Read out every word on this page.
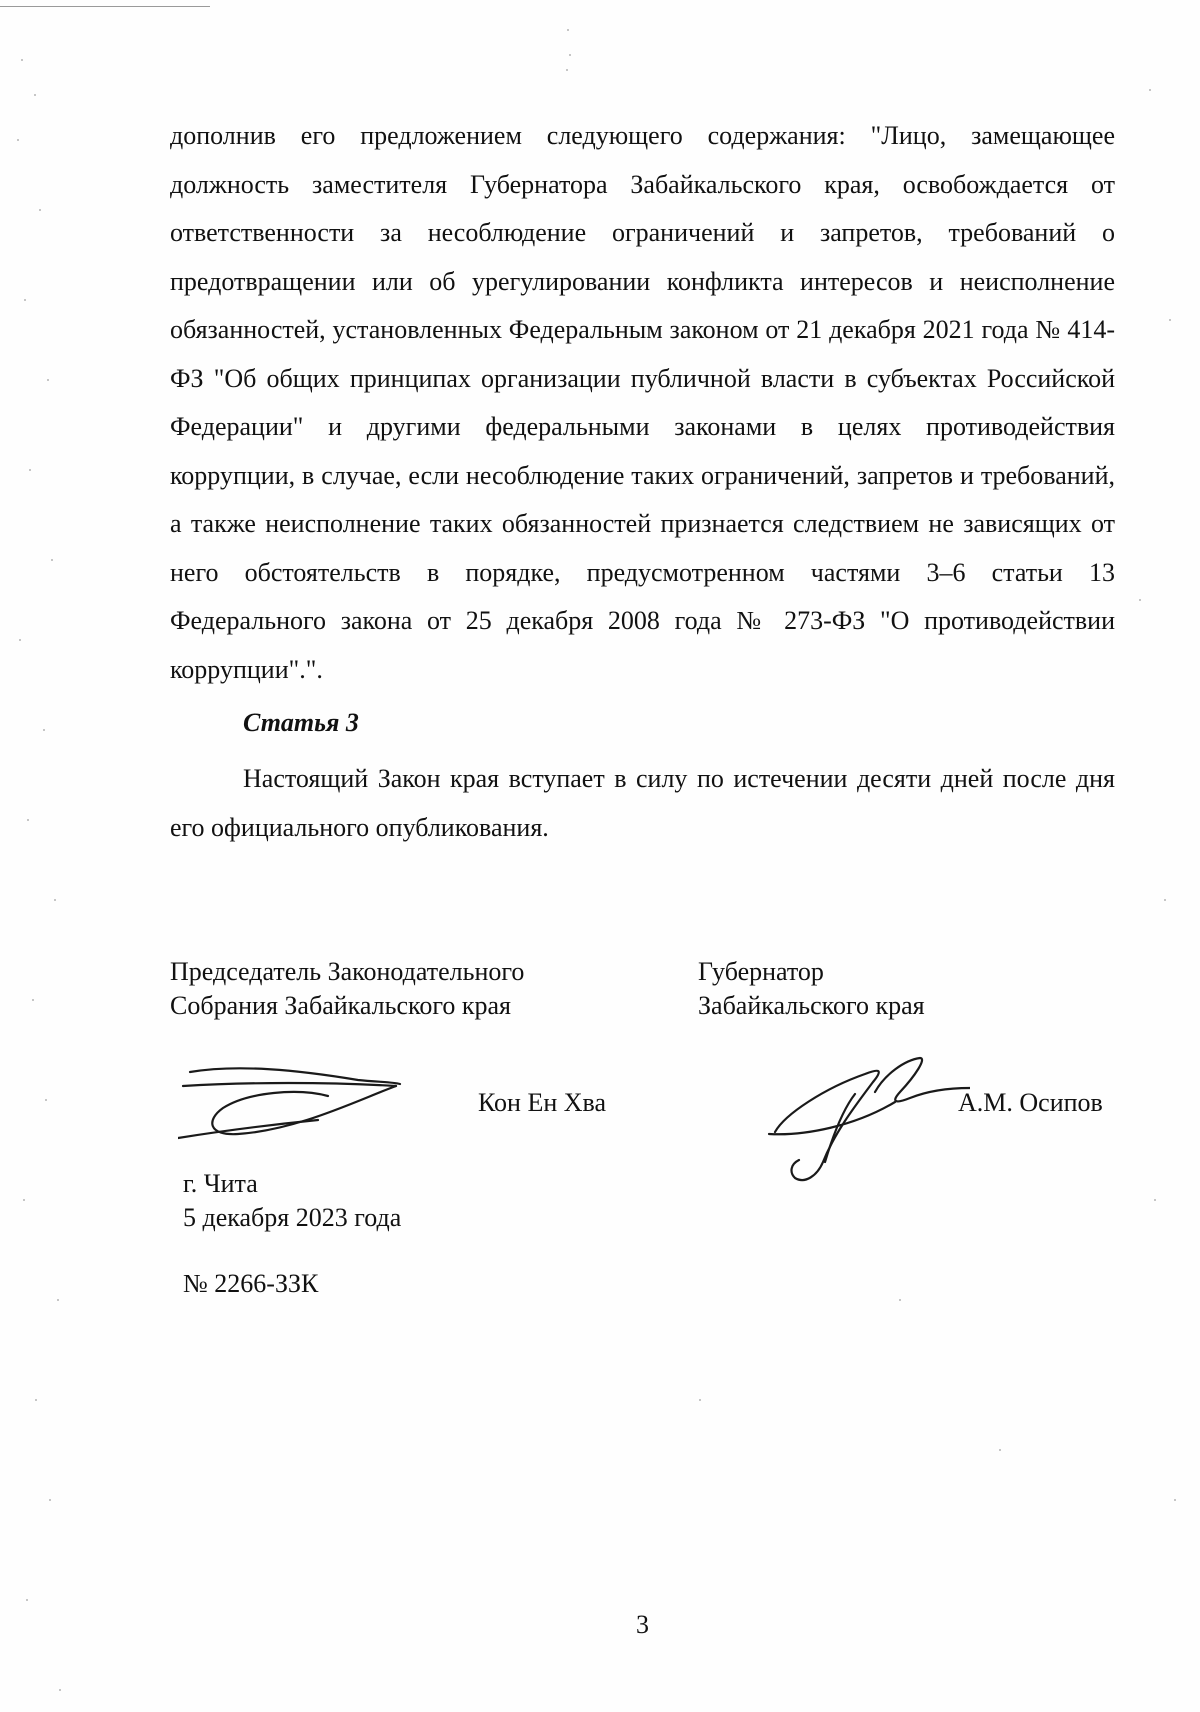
дополнив его предложением следующего содержания: "Лицо, замещающее должность заместителя Губернатора Забайкальского края, освобождается от ответственности за несоблюдение ограничений и запретов, требований о предотвращении или об урегулировании конфликта интересов и неисполнение обязанностей, установленных Федеральным законом от 21 декабря 2021 года № 414-ФЗ "Об общих принципах организации публичной власти в субъектах Российской Федерации" и другими федеральными законами в целях противодействия коррупции, в случае, если несоблюдение таких ограничений, запретов и требований, а также неисполнение таких обязанностей признается следствием не зависящих от него обстоятельств в порядке, предусмотренном частями 3–6 статьи 13 Федерального закона от 25 декабря 2008 года № 273-ФЗ "О противодействии коррупции".".

Статья 3

Настоящий Закон края вступает в силу по истечении десяти дней после дня его официального опубликования.

Председатель Законодательного
Собрания Забайкальского края
Губернатор
Забайкальского края
Кон Ен Хва	А.М. Осипов
г. Чита
5 декабря 2023 года
№ 2266-ЗЗК
3
